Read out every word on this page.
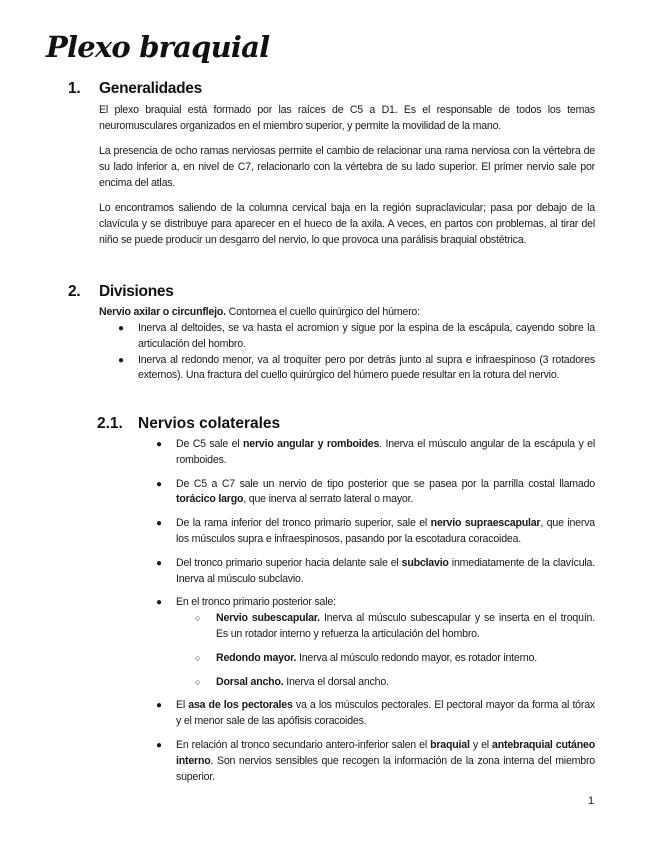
Plexo braquial
1. Generalidades

El plexo braquial está formado por las raíces de C5 a D1. Es el responsable de todos los temas neuromusculares organizados en el miembro superior, y permite la movilidad de la mano.

La presencia de ocho ramas nerviosas permite el cambio de relacionar una rama nerviosa con la vértebra de su lado inferior a, en nivel de C7, relacionarlo con la vértebra de su lado superior. El primer nervio sale por encima del atlas.

Lo encontramos saliendo de la columna cervical baja en la región supraclavicular; pasa por debajo de la clavícula y se distribuye para aparecer en el hueco de la axila. A veces, en partos con problemas, al tirar del niño se puede producir un desgarro del nervio, lo que provoca una parálisis braquial obstétrica.

2. Divisiones

Nervio axilar o circunflejo. Contornea el cuello quirúrgico del húmero:

● Inerva al deltoides, se va hasta el acromion y sigue por la espina de la escápula, cayendo sobre la articulación del hombro.
● Inerva al redondo menor, va al troquíter pero por detrás junto al supra e infraespinoso (3 rotadores externos). Una fractura del cuello quirúrgico del húmero puede resultar en la rotura del nervio.
2.1. Nervios colaterales
● De C5 sale el nervio angular y romboides. Inerva el músculo angular de la escápula y el romboides.
● De C5 a C7 sale un nervio de tipo posterior que se pasea por la parrilla costal llamado torácico largo, que inerva al serrato lateral o mayor.
● De la rama inferior del tronco primario superior, sale el nervio supraescapular, que inerva los músculos supra e infraespinosos, pasando por la escotadura coracoidea.
● Del tronco primario superior hacia delante sale el subclavio inmediatamente de la clavícula. Inerva al músculo subclavio.
● En el tronco primario posterior sale:
○ Nervio subescapular. Inerva al músculo subescapular y se inserta en el troquín. Es un rotador interno y refuerza la articulación del hombro.
○ Redondo mayor. Inerva al músculo redondo mayor, es rotador interno.
○ Dorsal ancho. Inerva el dorsal ancho.
● El asa de los pectorales va a los músculos pectorales. El pectoral mayor da forma al tórax y el menor sale de las apófisis coracoides.
● En relación al tronco secundario antero-inferior salen el braquial y el antebraquial cutáneo interno. Son nervios sensibles que recogen la información de la zona interna del miembro superior.
1
